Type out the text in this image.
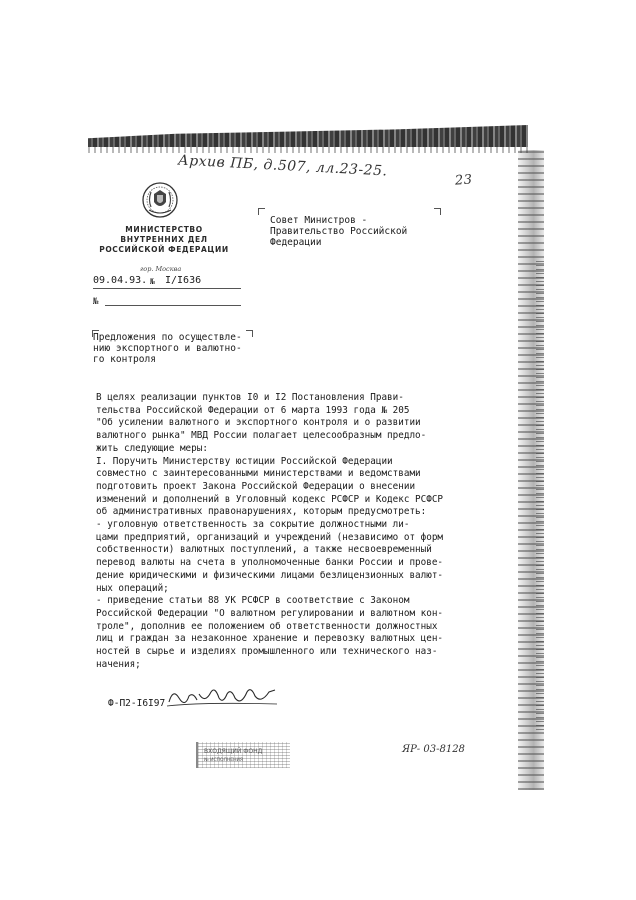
Архив ПБ, д.507, лл.23-25.
23
МИНИСТЕРСТВО
ВНУТРЕННИХ ДЕЛ
РОССИЙСКОЙ ФЕДЕРАЦИИ
гор. Москва
09.04.93. № I/I636
№
Совет Министров -
Правительство Российской
Федерации
Предложения по осуществле-
нию экспортного и валютно-
го контроля

В целях реализации пунктов I0 и I2 Постановления Прави-

тельства Российской Федерации от 6 марта 1993 года № 205

"Об усилении валютного и экспортного контроля и о развитии

валютного рынка" МВД России полагает целесообразным предло-

жить следующие меры:

I. Поручить Министерству юстиции Российской Федерации

совместно с заинтересованными министерствами и ведомствами

подготовить проект Закона Российской Федерации о внесении

изменений и дополнений в Уголовный кодекс РСФСР и Кодекс РСФСР

об административных правонарушениях, которым предусмотреть:

- уголовную ответственность за сокрытие должностными ли-

цами предприятий, организаций и учреждений (независимо от форм

собственности) валютных поступлений, а также несвоевременный

перевод валюты на счета в уполномоченные банки России и прове-

дение юридическими и физическими лицами безлицензионных валют-

ных операций;

- приведение статьи 88 УК РСФСР в соответствие с Законом

Российской Федерации "О валютном регулировании и валютном кон-

троле", дополнив ее положением об ответственности должностных

лиц и граждан за незаконное хранение и перевозку валютных цен-

ностей в сырье и изделиях промышленного или технического наз-

начения;

Ф-П2-I6I97
ВХОДЯЩИЙ ФОНД
№ ИСПОЛНЕНИЯ
ЯР- 03-8128
